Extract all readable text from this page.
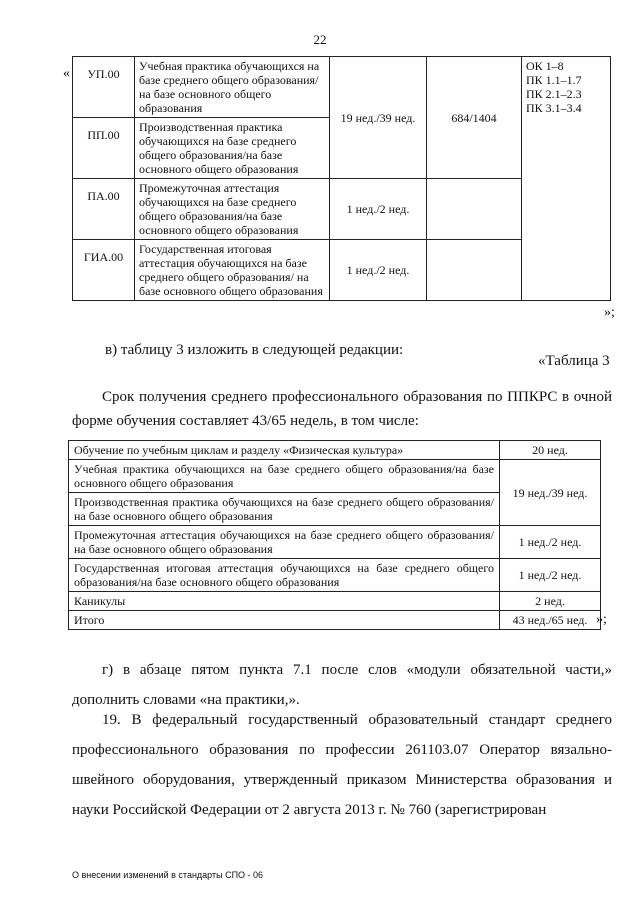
22
« УП.00	Учебная практика обучающихся на базе среднего общего образования/на базе основного общего образования	19 нед./39 нед.	684/1404	ОК 1–8
ПК 1.1–1.7
ПК 2.1–2.3
ПК 3.1–3.4

ПП.00	Производственная практика обучающихся на базе среднего общего образования/на базе основного общего образования			
ПА.00	Промежуточная аттестация обучающихся на базе среднего общего образования/на базе основного общего образования	1 нед./2 нед.		
ГИА.00	Государственная итоговая аттестация обучающихся на базе среднего общего образования/ на базе основного общего образования	1 нед./2 нед.		
»;
в) таблицу 3 изложить в следующей редакции:
«Таблица 3
Срок получения среднего профессионального образования по ППКРС в очной форме обучения составляет 43/65 недель, в том числе:
Обучение по учебным циклам и разделу «Физическая культура»	20 нед.
Учебная практика обучающихся на базе среднего общего образования/на базе основного общего образования	19 нед./39 нед.
Производственная практика обучающихся на базе среднего общего образования/на базе основного общего образования	
Промежуточная аттестация обучающихся на базе среднего общего образования/на базе основного общего образования	1 нед./2 нед.
Государственная итоговая аттестация обучающихся на базе среднего общего образования/на базе основного общего образования	1 нед./2 нед.
Каникулы	2 нед.
Итого	43 нед./65 нед. »;
г) в абзаце пятом пункта 7.1 после слов «модули обязательной части,» дополнить словами «на практики,».
19. В федеральный государственный образовательный стандарт среднего профессионального образования по профессии 261103.07 Оператор вязально-швейного оборудования, утвержденный приказом Министерства образования и науки Российской Федерации от 2 августа 2013 г. № 760 (зарегистрирован
О внесении изменений в стандарты СПО - 06
